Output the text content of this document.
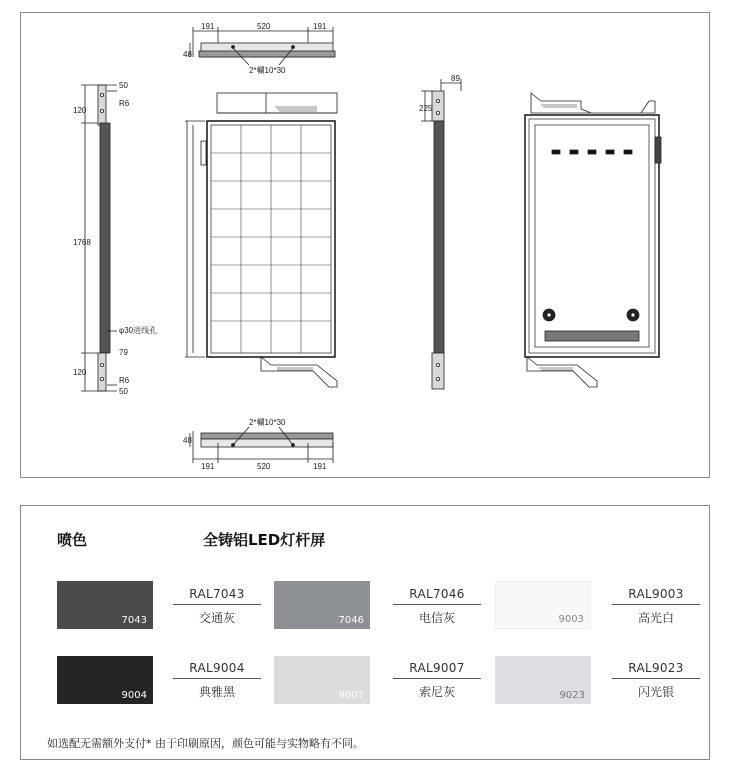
191	520	191
48
2*幱10*30
50
120
R6
1768
φ30进线孔
120
79
R6
50
225
89
2*幱10*30
48
191	520	191
喷色	全铸铝LED灯杆屏
7043
RAL7043
交通灰	7046
RAL7046
电信灰	9003
RAL9003
高光白
9004
RAL9004
典雅黑	9007
RAL9007
索尼灰	9023
RAL9023
闪光银
如选配无需额外支付* 由于印刷原因，颜色可能与实物略有不同。
